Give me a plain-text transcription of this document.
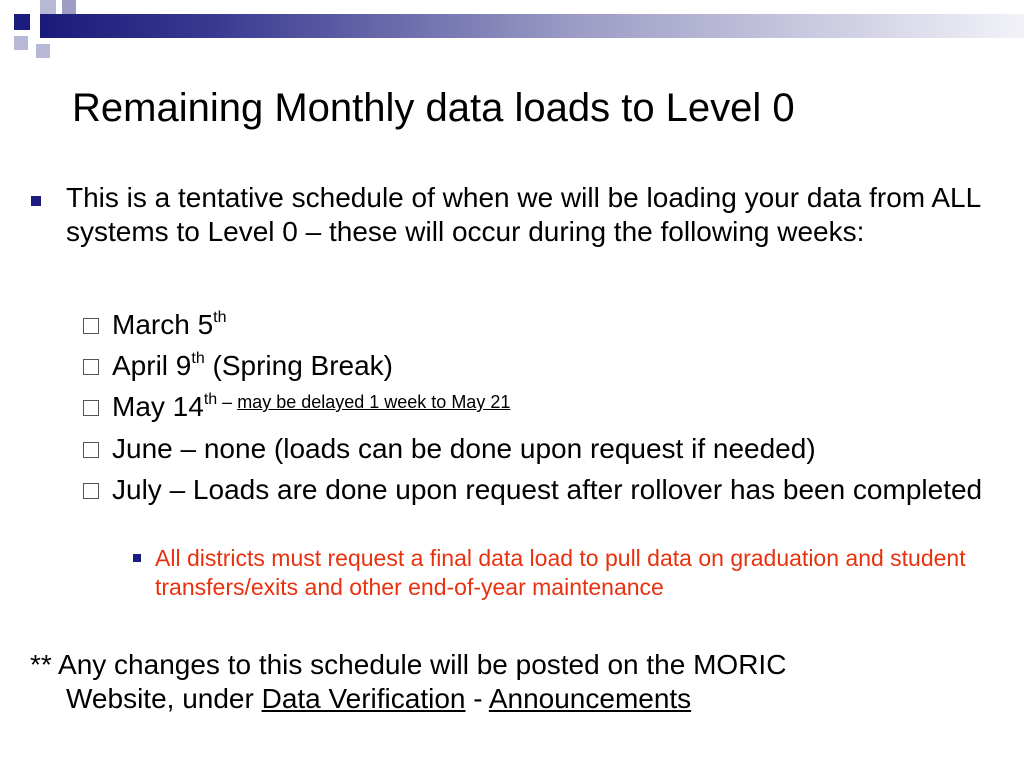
Remaining Monthly data loads to Level 0
This is a tentative schedule of when we will be loading your data from ALL systems to Level 0 – these will occur during the following weeks:
March 5th
April 9th (Spring Break)
May 14th – $^{may be delayed 1 week to May 21}$
June – none (loads can be done upon request if needed)
July – Loads are done upon request after rollover has been completed
All districts must request a final data load to pull data on graduation and student transfers/exits and other end-of-year maintenance
** Any changes to this schedule will be posted on the MORIC
Website, under Data Verification - Announcements
